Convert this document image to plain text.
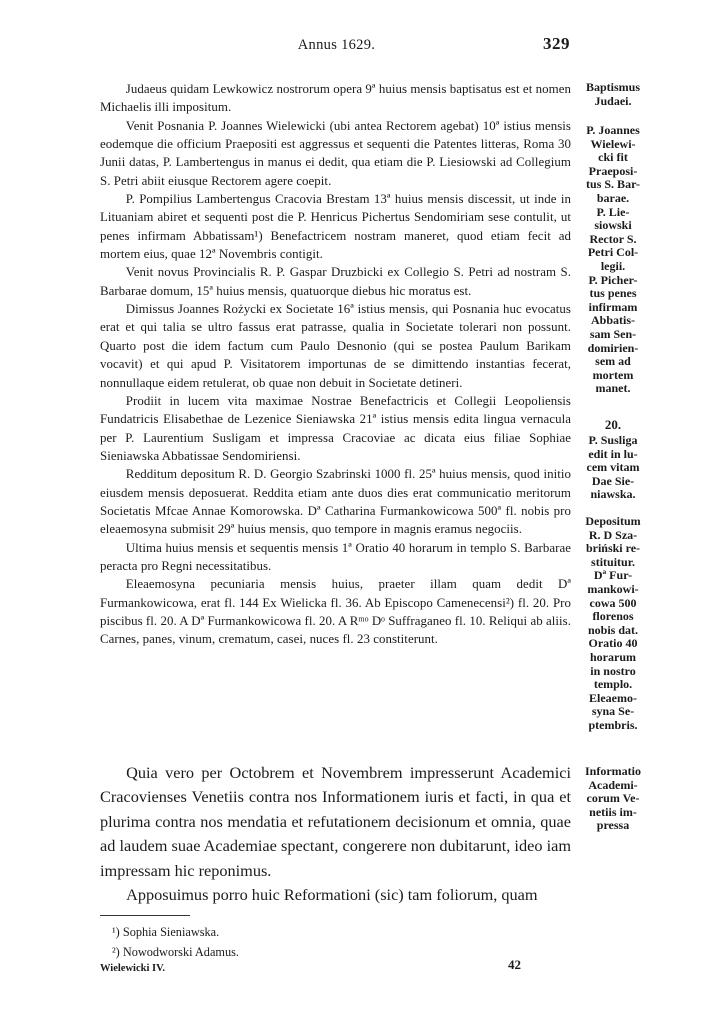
Annus 1629.	329

Judaeus quidam Lewkowicz nostrorum opera 9ª huius mensis baptisatus est et nomen Michaelis illi impositum.

Venit Posnania P. Joannes Wielewicki (ubi antea Rectorem agebat) 10ª istius mensis eodemque die officium Praepositi est aggressus et sequenti die Patentes litteras, Roma 30 Junii datas, P. Lambertengus in manus ei dedit, qua etiam die P. Liesiowski ad Collegium S. Petri abiit eiusque Rectorem agere coepit.

P. Pompilius Lambertengus Cracovia Brestam 13ª huius mensis discessit, ut inde in Lituaniam abiret et sequenti post die P. Henricus Pichertus Sendomiriam sese contulit, ut penes infirmam Abbatissam¹) Benefactricem nostram maneret, quod etiam fecit ad mortem eius, quae 12ª Novembris contigit.

Venit novus Provincialis R. P. Gaspar Druzbicki ex Collegio S. Petri ad nostram S. Barbarae domum, 15ª huius mensis, quatuorque diebus hic moratus est.

Dimissus Joannes Rożycki ex Societate 16ª istius mensis, qui Posnania huc evocatus erat et qui talia se ultro fassus erat patrasse, qualia in Societate tolerari non possunt. Quarto post die idem factum cum Paulo Desnonio (qui se postea Paulum Barikam vocavit) et qui apud P. Visitatorem importunas de se dimittendo instantias fecerat, nonnullaque eidem retulerat, ob quae non debuit in Societate detineri.

Prodiit in lucem vita maximae Nostrae Benefactricis et Collegii Leopoliensis Fundatricis Elisabethae de Lezenice Sieniawska 21ª istius mensis edita lingua vernacula per P. Laurentium Susligam et impressa Cracoviae ac dicata eius filiae Sophiae Sieniawska Abbatissae Sendomiriensi.

Redditum depositum R. D. Georgio Szabrinski 1000 fl. 25ª huius mensis, quod initio eiusdem mensis deposuerat. Reddita etiam ante duos dies erat communicatio meritorum Societatis Mfcae Annae Komorowska. Dª Catharina Furmankowicowa 500ª fl. nobis pro eleaemosyna submisit 29ª huius mensis, quo tempore in magnis eramus negociis.

Ultima huius mensis et sequentis mensis 1ª Oratio 40 horarum in templo S. Barbarae peracta pro Regni necessitatibus.

Eleaemosyna pecuniaria mensis huius, praeter illam quam dedit Dª Furmankowicowa, erat fl. 144 Ex Wielicka fl. 36. Ab Episcopo Camenecensi²) fl. 20. Pro piscibus fl. 20. A Dª Furmankowicowa fl. 20. A Rᵐᵒ Dᵒ Suffraganeo fl. 10. Reliqui ab aliis. Carnes, panes, vinum, crematum, casei, nuces fl. 23 constiterunt.

Quia vero per Octobrem et Novembrem impresserunt Academici Cracovienses Venetiis contra nos Informationem iuris et facti, in qua et plurima contra nos mendatia et refutationem decisionum et omnia, quae ad laudem suae Academiae spectant, congerere non dubitarunt, ideo iam impressam hic reponimus.

Apposuimus porro huic Reformationi (sic) tam foliorum, quam

Baptismus
Judaei.
P. Joannes
Wielewi-
cki fit
Praeposi-
tus S. Bar-
barae.
P. Lie-
siowski
Rector S.
Petri Col-
legii.
P. Picher-
tus penes
infirmam
Abbatis-
sam Sen-
domirien-
sem ad
mortem
manet.
20.
P. Susliga
edit in lu-
cem vitam
Dae Sie-
niawska.
Depositum
R. D Sza-
briński re-
stituitur.
Dª Fur-
mankowi-
cowa 500
florenos
nobis dat.
Oratio 40
horarum
in nostro
templo.
Eleaemo-
syna Se-
ptembris.
Informatio
Academi-
corum Ve-
netiis im-
pressa
¹) Sophia Sieniawska.
²) Nowodworski Adamus.
Wielewicki IV.	42
